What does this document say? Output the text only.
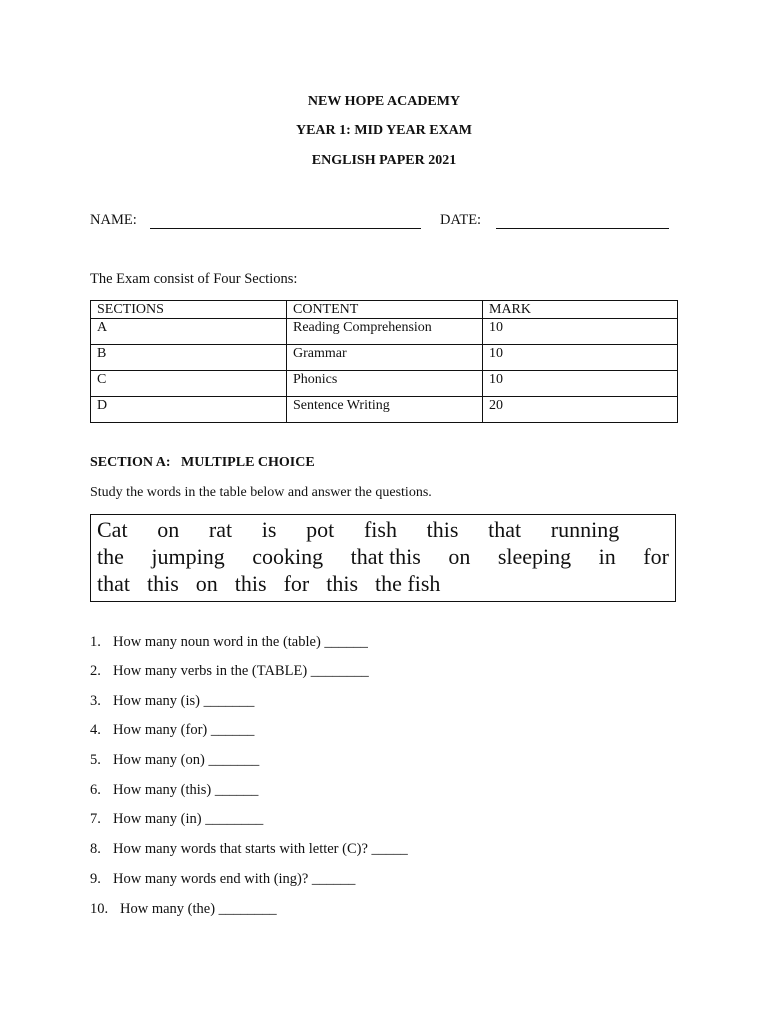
NEW HOPE ACADEMY
YEAR 1: MID YEAR EXAM
ENGLISH PAPER 2021
NAME:	DATE:
The Exam consist of Four Sections:
SECTIONS	CONTENT	MARK
A	Reading Comprehension	10
B	Grammar	10
C	Phonics	10
D	Sentence Writing	20
SECTION A:   MULTIPLE CHOICE
Study the words in the table below and answer the questions.
Cat on rat is pot fish this that running
the jumping cooking that this on sleeping in for
that this on this for this the fish
1. How many noun word in the (table) ______
2. How many verbs in the (TABLE) ________
3. How many (is) _______
4. How many (for) ______
5. How many (on) _______
6. How many (this) ______
7. How many (in) ________
8. How many words that starts with letter (C)? _____
9. How many words end with (ing)? ______
10. How many (the) ________
